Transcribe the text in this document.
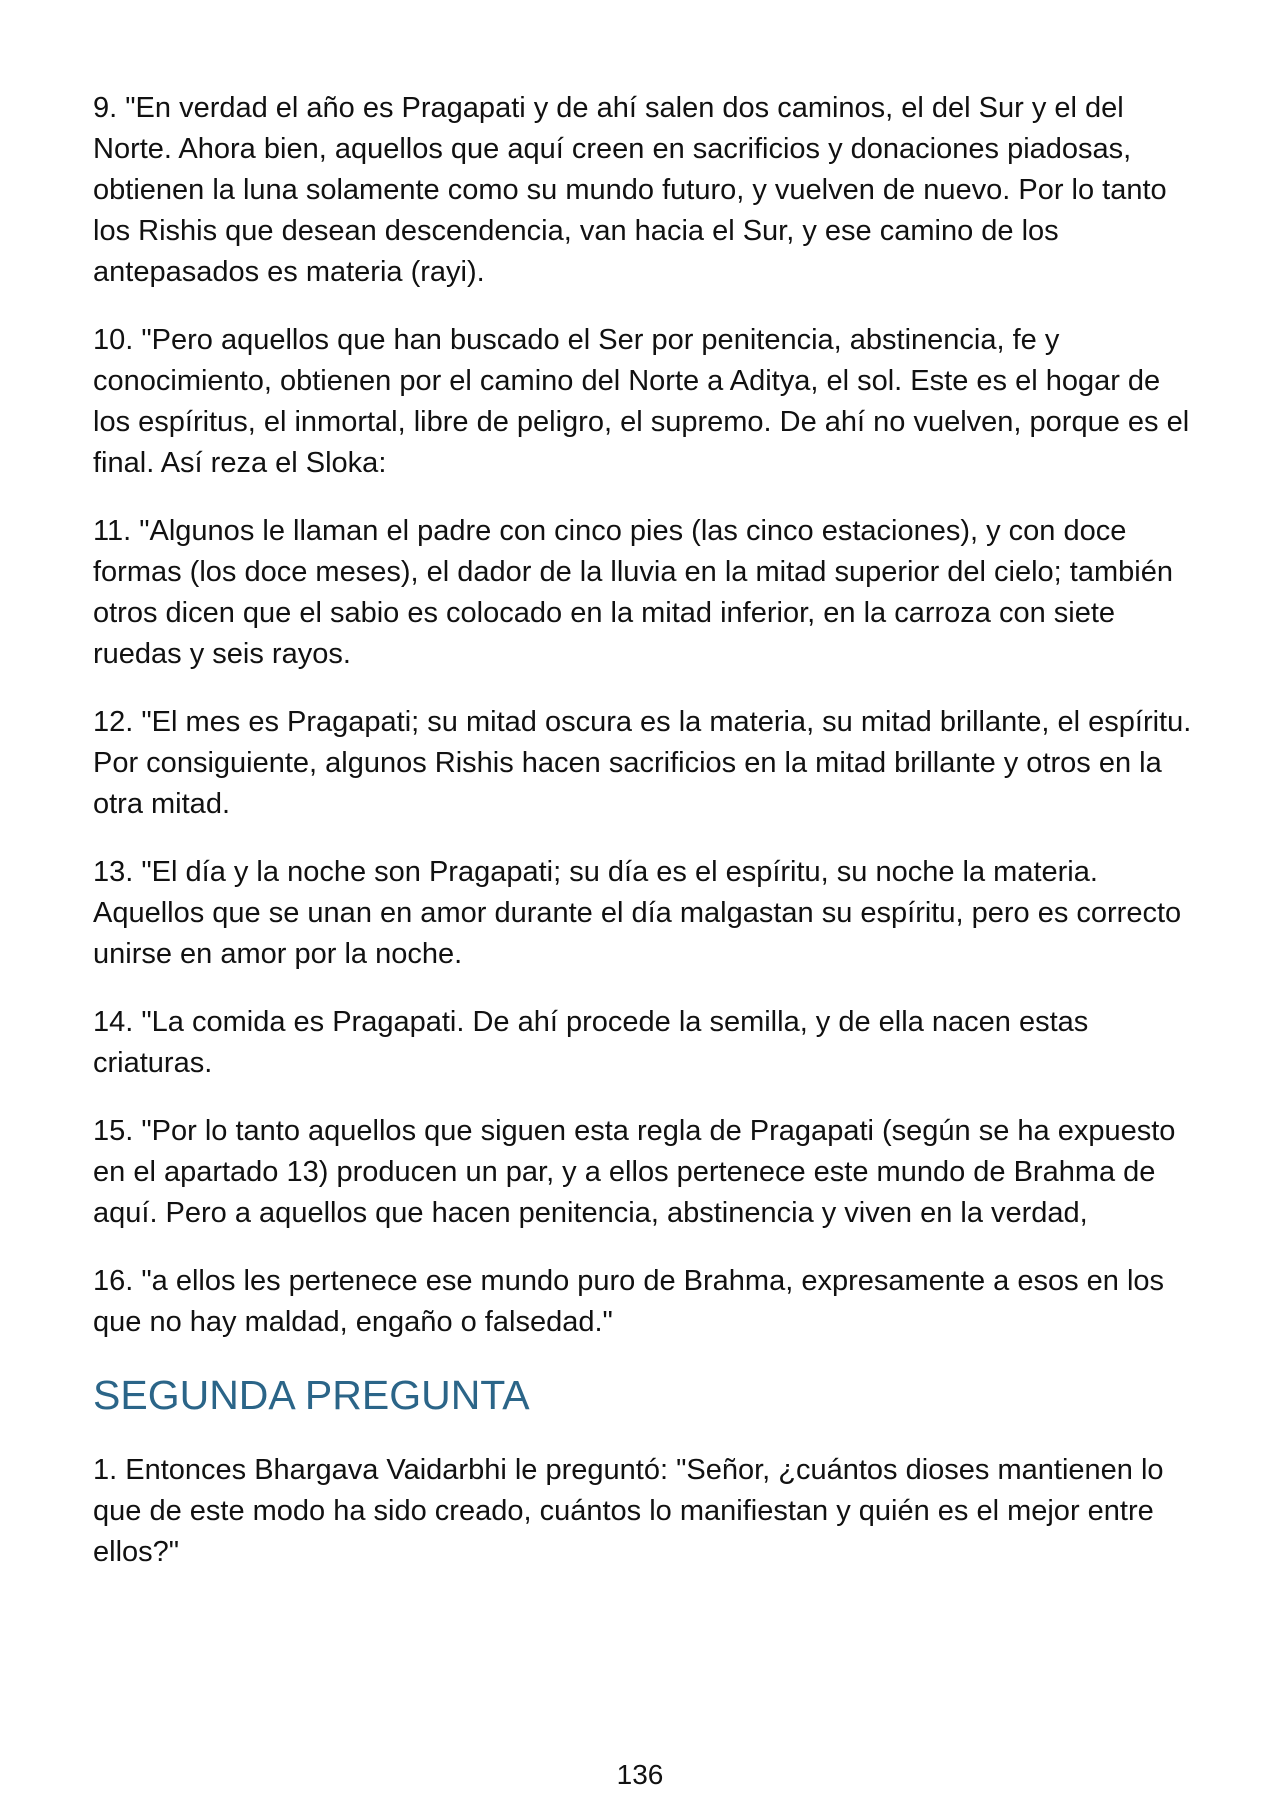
9. "En verdad el año es Pragapati y de ahí salen dos caminos, el del Sur y el del Norte. Ahora bien, aquellos que aquí creen en sacrificios y donaciones piadosas, obtienen la luna solamente como su mundo futuro, y vuelven de nuevo. Por lo tanto los Rishis que desean descendencia, van hacia el Sur, y ese camino de los antepasados es materia (rayi).

10. "Pero aquellos que han buscado el Ser por penitencia, abstinencia, fe y conocimiento, obtienen por el camino del Norte a Aditya, el sol. Este es el hogar de los espíritus, el inmortal, libre de peligro, el supremo. De ahí no vuelven, porque es el final. Así reza el Sloka:

11. "Algunos le llaman el padre con cinco pies (las cinco estaciones), y con doce formas (los doce meses), el dador de la lluvia en la mitad superior del cielo; también otros dicen que el sabio es colocado en la mitad inferior, en la carroza con siete ruedas y seis rayos.

12. "El mes es Pragapati; su mitad oscura es la materia, su mitad brillante, el espíritu. Por consiguiente, algunos Rishis hacen sacrificios en la mitad brillante y otros en la otra mitad.

13. "El día y la noche son Pragapati; su día es el espíritu, su noche la materia. Aquellos que se unan en amor durante el día malgastan su espíritu, pero es correcto unirse en amor por la noche.

14. "La comida es Pragapati. De ahí procede la semilla, y de ella nacen estas criaturas.

15. "Por lo tanto aquellos que siguen esta regla de Pragapati (según se ha expuesto en el apartado 13) producen un par, y a ellos pertenece este mundo de Brahma de aquí. Pero a aquellos que hacen penitencia, abstinencia y viven en la verdad,

16. "a ellos les pertenece ese mundo puro de Brahma, expresamente a esos en los que no hay maldad, engaño o falsedad."

SEGUNDA PREGUNTA

1. Entonces Bhargava Vaidarbhi le preguntó: "Señor, ¿cuántos dioses mantienen lo que de este modo ha sido creado, cuántos lo manifiestan y quién es el mejor entre ellos?"

136
